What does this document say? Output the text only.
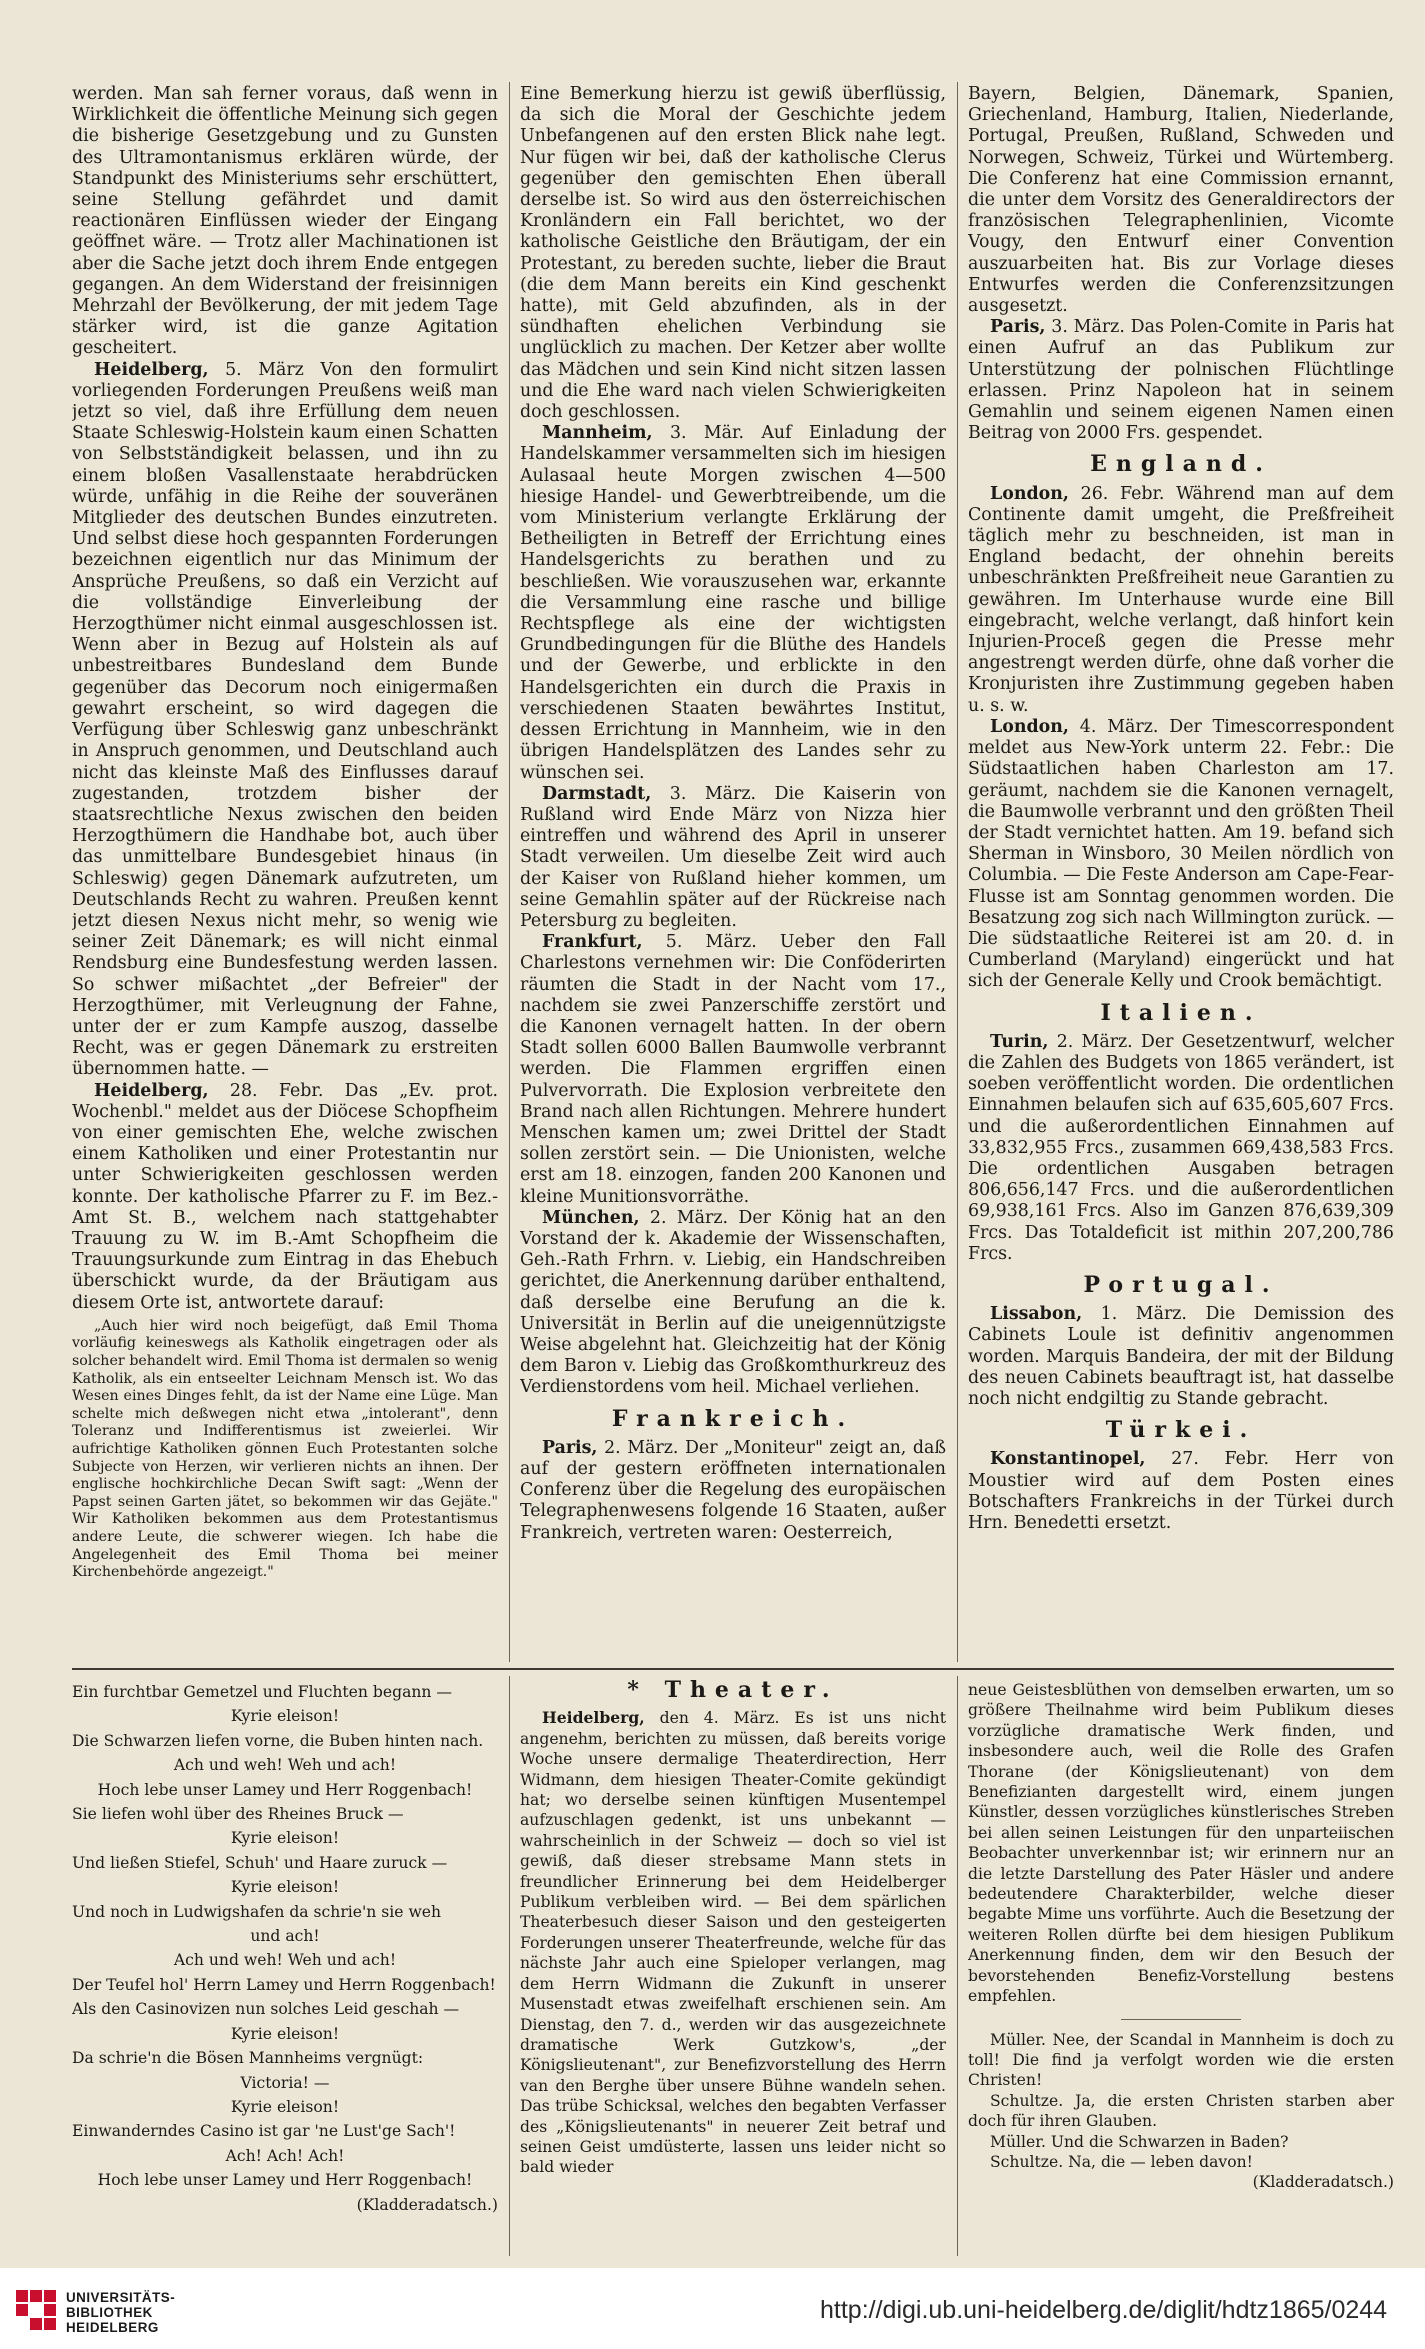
werden. Man sah ferner voraus, daß wenn in Wirklichkeit die öffentliche Meinung sich gegen die bisherige Gesetzgebung und zu Gunsten des Ultramontanismus erklären würde, der Standpunkt des Ministeriums sehr erschüttert, seine Stellung gefährdet und damit reactionären Einflüssen wieder der Eingang geöffnet wäre. — Trotz aller Machinationen ist aber die Sache jetzt doch ihrem Ende entgegen gegangen. An dem Widerstand der freisinnigen Mehrzahl der Bevölkerung, der mit jedem Tage stärker wird, ist die ganze Agitation gescheitert.

Heidelberg, 5. März Von den formulirt vorliegenden Forderungen Preußens weiß man jetzt so viel, daß ihre Erfüllung dem neuen Staate Schleswig-Holstein kaum einen Schatten von Selbstständigkeit belassen, und ihn zu einem bloßen Vasallenstaate herabdrücken würde, unfähig in die Reihe der souveränen Mitglieder des deutschen Bundes einzutreten. Und selbst diese hoch gespannten Forderungen bezeichnen eigentlich nur das Minimum der Ansprüche Preußens, so daß ein Verzicht auf die vollständige Einverleibung der Herzogthümer nicht einmal ausgeschlossen ist. Wenn aber in Bezug auf Holstein als auf unbestreitbares Bundesland dem Bunde gegenüber das Decorum noch einigermaßen gewahrt erscheint, so wird dagegen die Verfügung über Schleswig ganz unbeschränkt in Anspruch genommen, und Deutschland auch nicht das kleinste Maß des Einflusses darauf zugestanden, trotzdem bisher der staatsrechtliche Nexus zwischen den beiden Herzogthümern die Handhabe bot, auch über das unmittelbare Bundesgebiet hinaus (in Schleswig) gegen Dänemark aufzutreten, um Deutschlands Recht zu wahren. Preußen kennt jetzt diesen Nexus nicht mehr, so wenig wie seiner Zeit Dänemark; es will nicht einmal Rendsburg eine Bundesfestung werden lassen. So schwer mißachtet „der Befreier" der Herzogthümer, mit Verleugnung der Fahne, unter der er zum Kampfe auszog, dasselbe Recht, was er gegen Dänemark zu erstreiten übernommen hatte. —

Heidelberg, 28. Febr. Das „Ev. prot. Wochenbl." meldet aus der Diöcese Schopfheim von einer gemischten Ehe, welche zwischen einem Katholiken und einer Protestantin nur unter Schwierigkeiten geschlossen werden konnte. Der katholische Pfarrer zu F. im Bez.-Amt St. B., welchem nach stattgehabter Trauung zu W. im B.-Amt Schopfheim die Trauungsurkunde zum Eintrag in das Ehebuch überschickt wurde, da der Bräutigam aus diesem Orte ist, antwortete darauf:

„Auch hier wird noch beigefügt, daß Emil Thoma vorläufig keineswegs als Katholik eingetragen oder als solcher behandelt wird. Emil Thoma ist dermalen so wenig Katholik, als ein entseelter Leichnam Mensch ist. Wo das Wesen eines Dinges fehlt, da ist der Name eine Lüge. Man schelte mich deßwegen nicht etwa „intolerant", denn Toleranz und Indifferentismus ist zweierlei. Wir aufrichtige Katholiken gönnen Euch Protestanten solche Subjecte von Herzen, wir verlieren nichts an ihnen. Der englische hochkirchliche Decan Swift sagt: „Wenn der Papst seinen Garten jätet, so bekommen wir das Gejäte." Wir Katholiken bekommen aus dem Protestantismus andere Leute, die schwerer wiegen. Ich habe die Angelegenheit des Emil Thoma bei meiner Kirchenbehörde angezeigt."

Eine Bemerkung hierzu ist gewiß überflüssig, da sich die Moral der Geschichte jedem Unbefangenen auf den ersten Blick nahe legt. Nur fügen wir bei, daß der katholische Clerus gegenüber den gemischten Ehen überall derselbe ist. So wird aus den österreichischen Kronländern ein Fall berichtet, wo der katholische Geistliche den Bräutigam, der ein Protestant, zu bereden suchte, lieber die Braut (die dem Mann bereits ein Kind geschenkt hatte), mit Geld abzufinden, als in der sündhaften ehelichen Verbindung sie unglücklich zu machen. Der Ketzer aber wollte das Mädchen und sein Kind nicht sitzen lassen und die Ehe ward nach vielen Schwierigkeiten doch geschlossen.

Mannheim, 3. Mär. Auf Einladung der Handelskammer versammelten sich im hiesigen Aulasaal heute Morgen zwischen 4—500 hiesige Handel- und Gewerbtreibende, um die vom Ministerium verlangte Erklärung der Betheiligten in Betreff der Errichtung eines Handelsgerichts zu berathen und zu beschließen. Wie vorauszusehen war, erkannte die Versammlung eine rasche und billige Rechtspflege als eine der wichtigsten Grundbedingungen für die Blüthe des Handels und der Gewerbe, und erblickte in den Handelsgerichten ein durch die Praxis in verschiedenen Staaten bewährtes Institut, dessen Errichtung in Mannheim, wie in den übrigen Handelsplätzen des Landes sehr zu wünschen sei.

Darmstadt, 3. März. Die Kaiserin von Rußland wird Ende März von Nizza hier eintreffen und während des April in unserer Stadt verweilen. Um dieselbe Zeit wird auch der Kaiser von Rußland hieher kommen, um seine Gemahlin später auf der Rückreise nach Petersburg zu begleiten.

Frankfurt, 5. März. Ueber den Fall Charlestons vernehmen wir: Die Conföderirten räumten die Stadt in der Nacht vom 17., nachdem sie zwei Panzerschiffe zerstört und die Kanonen vernagelt hatten. In der obern Stadt sollen 6000 Ballen Baumwolle verbrannt werden. Die Flammen ergriffen einen Pulvervorrath. Die Explosion verbreitete den Brand nach allen Richtungen. Mehrere hundert Menschen kamen um; zwei Drittel der Stadt sollen zerstört sein. — Die Unionisten, welche erst am 18. einzogen, fanden 200 Kanonen und kleine Munitionsvorräthe.

München, 2. März. Der König hat an den Vorstand der k. Akademie der Wissenschaften, Geh.-Rath Frhrn. v. Liebig, ein Handschreiben gerichtet, die Anerkennung darüber enthaltend, daß derselbe eine Berufung an die k. Universität in Berlin auf die uneigennützigste Weise abgelehnt hat. Gleichzeitig hat der König dem Baron v. Liebig das Großkomthurkreuz des Verdienstordens vom heil. Michael verliehen.

Frankreich.

Paris, 2. März. Der „Moniteur" zeigt an, daß auf der gestern eröffneten internationalen Conferenz über die Regelung des europäischen Telegraphenwesens folgende 16 Staaten, außer Frankreich, vertreten waren: Oesterreich,

Bayern, Belgien, Dänemark, Spanien, Griechenland, Hamburg, Italien, Niederlande, Portugal, Preußen, Rußland, Schweden und Norwegen, Schweiz, Türkei und Würtemberg. Die Conferenz hat eine Commission ernannt, die unter dem Vorsitz des Generaldirectors der französischen Telegraphenlinien, Vicomte Vougy, den Entwurf einer Convention auszuarbeiten hat. Bis zur Vorlage dieses Entwurfes werden die Conferenzsitzungen ausgesetzt.

Paris, 3. März. Das Polen-Comite in Paris hat einen Aufruf an das Publikum zur Unterstützung der polnischen Flüchtlinge erlassen. Prinz Napoleon hat in seinem Gemahlin und seinem eigenen Namen einen Beitrag von 2000 Frs. gespendet.

England.

London, 26. Febr. Während man auf dem Continente damit umgeht, die Preßfreiheit täglich mehr zu beschneiden, ist man in England bedacht, der ohnehin bereits unbeschränkten Preßfreiheit neue Garantien zu gewähren. Im Unterhause wurde eine Bill eingebracht, welche verlangt, daß hinfort kein Injurien-Proceß gegen die Presse mehr angestrengt werden dürfe, ohne daß vorher die Kronjuristen ihre Zustimmung gegeben haben u. s. w.

London, 4. März. Der Timescorrespondent meldet aus New-York unterm 22. Febr.: Die Südstaatlichen haben Charleston am 17. geräumt, nachdem sie die Kanonen vernagelt, die Baumwolle verbrannt und den größten Theil der Stadt vernichtet hatten. Am 19. befand sich Sherman in Winsboro, 30 Meilen nördlich von Columbia. — Die Feste Anderson am Cape-Fear-Flusse ist am Sonntag genommen worden. Die Besatzung zog sich nach Willmington zurück. — Die südstaatliche Reiterei ist am 20. d. in Cumberland (Maryland) eingerückt und hat sich der Generale Kelly und Crook bemächtigt.

Italien.

Turin, 2. März. Der Gesetzentwurf, welcher die Zahlen des Budgets von 1865 verändert, ist soeben veröffentlicht worden. Die ordentlichen Einnahmen belaufen sich auf 635,605,607 Frcs. und die außerordentlichen Einnahmen auf 33,832,955 Frcs., zusammen 669,438,583 Frcs. Die ordentlichen Ausgaben betragen 806,656,147 Frcs. und die außerordentlichen 69,938,161 Frcs. Also im Ganzen 876,639,309 Frcs. Das Totaldeficit ist mithin 207,200,786 Frcs.

Portugal.

Lissabon, 1. März. Die Demission des Cabinets Loule ist definitiv angenommen worden. Marquis Bandeira, der mit der Bildung des neuen Cabinets beauftragt ist, hat dasselbe noch nicht endgiltig zu Stande gebracht.

Türkei.

Konstantinopel, 27. Febr. Herr von Moustier wird auf dem Posten eines Botschafters Frankreichs in der Türkei durch Hrn. Benedetti ersetzt.

Ein furchtbar Gemetzel und Fluchten begann —

Kyrie eleison!

Die Schwarzen liefen vorne, die Buben hinten nach.

Ach und weh! Weh und ach!

Hoch lebe unser Lamey und Herr Roggenbach!

Sie liefen wohl über des Rheines Bruck —

Kyrie eleison!

Und ließen Stiefel, Schuh' und Haare zuruck —

Kyrie eleison!

Und noch in Ludwigshafen da schrie'n sie weh

und ach!

Ach und weh! Weh und ach!

Der Teufel hol' Herrn Lamey und Herrn Roggenbach!

Als den Casinovizen nun solches Leid geschah —

Kyrie eleison!

Da schrie'n die Bösen Mannheims vergnügt:

Victoria! —

Kyrie eleison!

Einwanderndes Casino ist gar 'ne Lust'ge Sach'!

Ach! Ach! Ach!

Hoch lebe unser Lamey und Herr Roggenbach!

(Kladderadatsch.)

* Theater.

Heidelberg, den 4. März. Es ist uns nicht angenehm, berichten zu müssen, daß bereits vorige Woche unsere dermalige Theaterdirection, Herr Widmann, dem hiesigen Theater-Comite gekündigt hat; wo derselbe seinen künftigen Musentempel aufzuschlagen gedenkt, ist uns unbekannt — wahrscheinlich in der Schweiz — doch so viel ist gewiß, daß dieser strebsame Mann stets in freundlicher Erinnerung bei dem Heidelberger Publikum verbleiben wird. — Bei dem spärlichen Theaterbesuch dieser Saison und den gesteigerten Forderungen unserer Theaterfreunde, welche für das nächste Jahr auch eine Spieloper verlangen, mag dem Herrn Widmann die Zukunft in unserer Musenstadt etwas zweifelhaft erschienen sein. Am Dienstag, den 7. d., werden wir das ausgezeichnete dramatische Werk Gutzkow's, „der Königslieutenant", zur Benefizvorstellung des Herrn van den Berghe über unsere Bühne wandeln sehen. Das trübe Schicksal, welches den begabten Verfasser des „Königslieutenants" in neuerer Zeit betraf und seinen Geist umdüsterte, lassen uns leider nicht so bald wieder

neue Geistesblüthen von demselben erwarten, um so größere Theilnahme wird beim Publikum dieses vorzügliche dramatische Werk finden, und insbesondere auch, weil die Rolle des Grafen Thorane (der Königslieutenant) von dem Benefizianten dargestellt wird, einem jungen Künstler, dessen vorzügliches künstlerisches Streben bei allen seinen Leistungen für den unparteiischen Beobachter unverkennbar ist; wir erinnern nur an die letzte Darstellung des Pater Häsler und andere bedeutendere Charakterbilder, welche dieser begabte Mime uns vorführte. Auch die Besetzung der weiteren Rollen dürfte bei dem hiesigen Publikum Anerkennung finden, dem wir den Besuch der bevorstehenden Benefiz-Vorstellung bestens empfehlen.

Müller. Nee, der Scandal in Mannheim is doch zu toll! Die find ja verfolgt worden wie die ersten Christen!

Schultze. Ja, die ersten Christen starben aber doch für ihren Glauben.

Müller. Und die Schwarzen in Baden?

Schultze. Na, die — leben davon!

(Kladderadatsch.)

UNIVERSITÄTS-
BIBLIOTHEK
HEIDELBERG
http://digi.ub.uni-heidelberg.de/diglit/hdtz1865/0244
